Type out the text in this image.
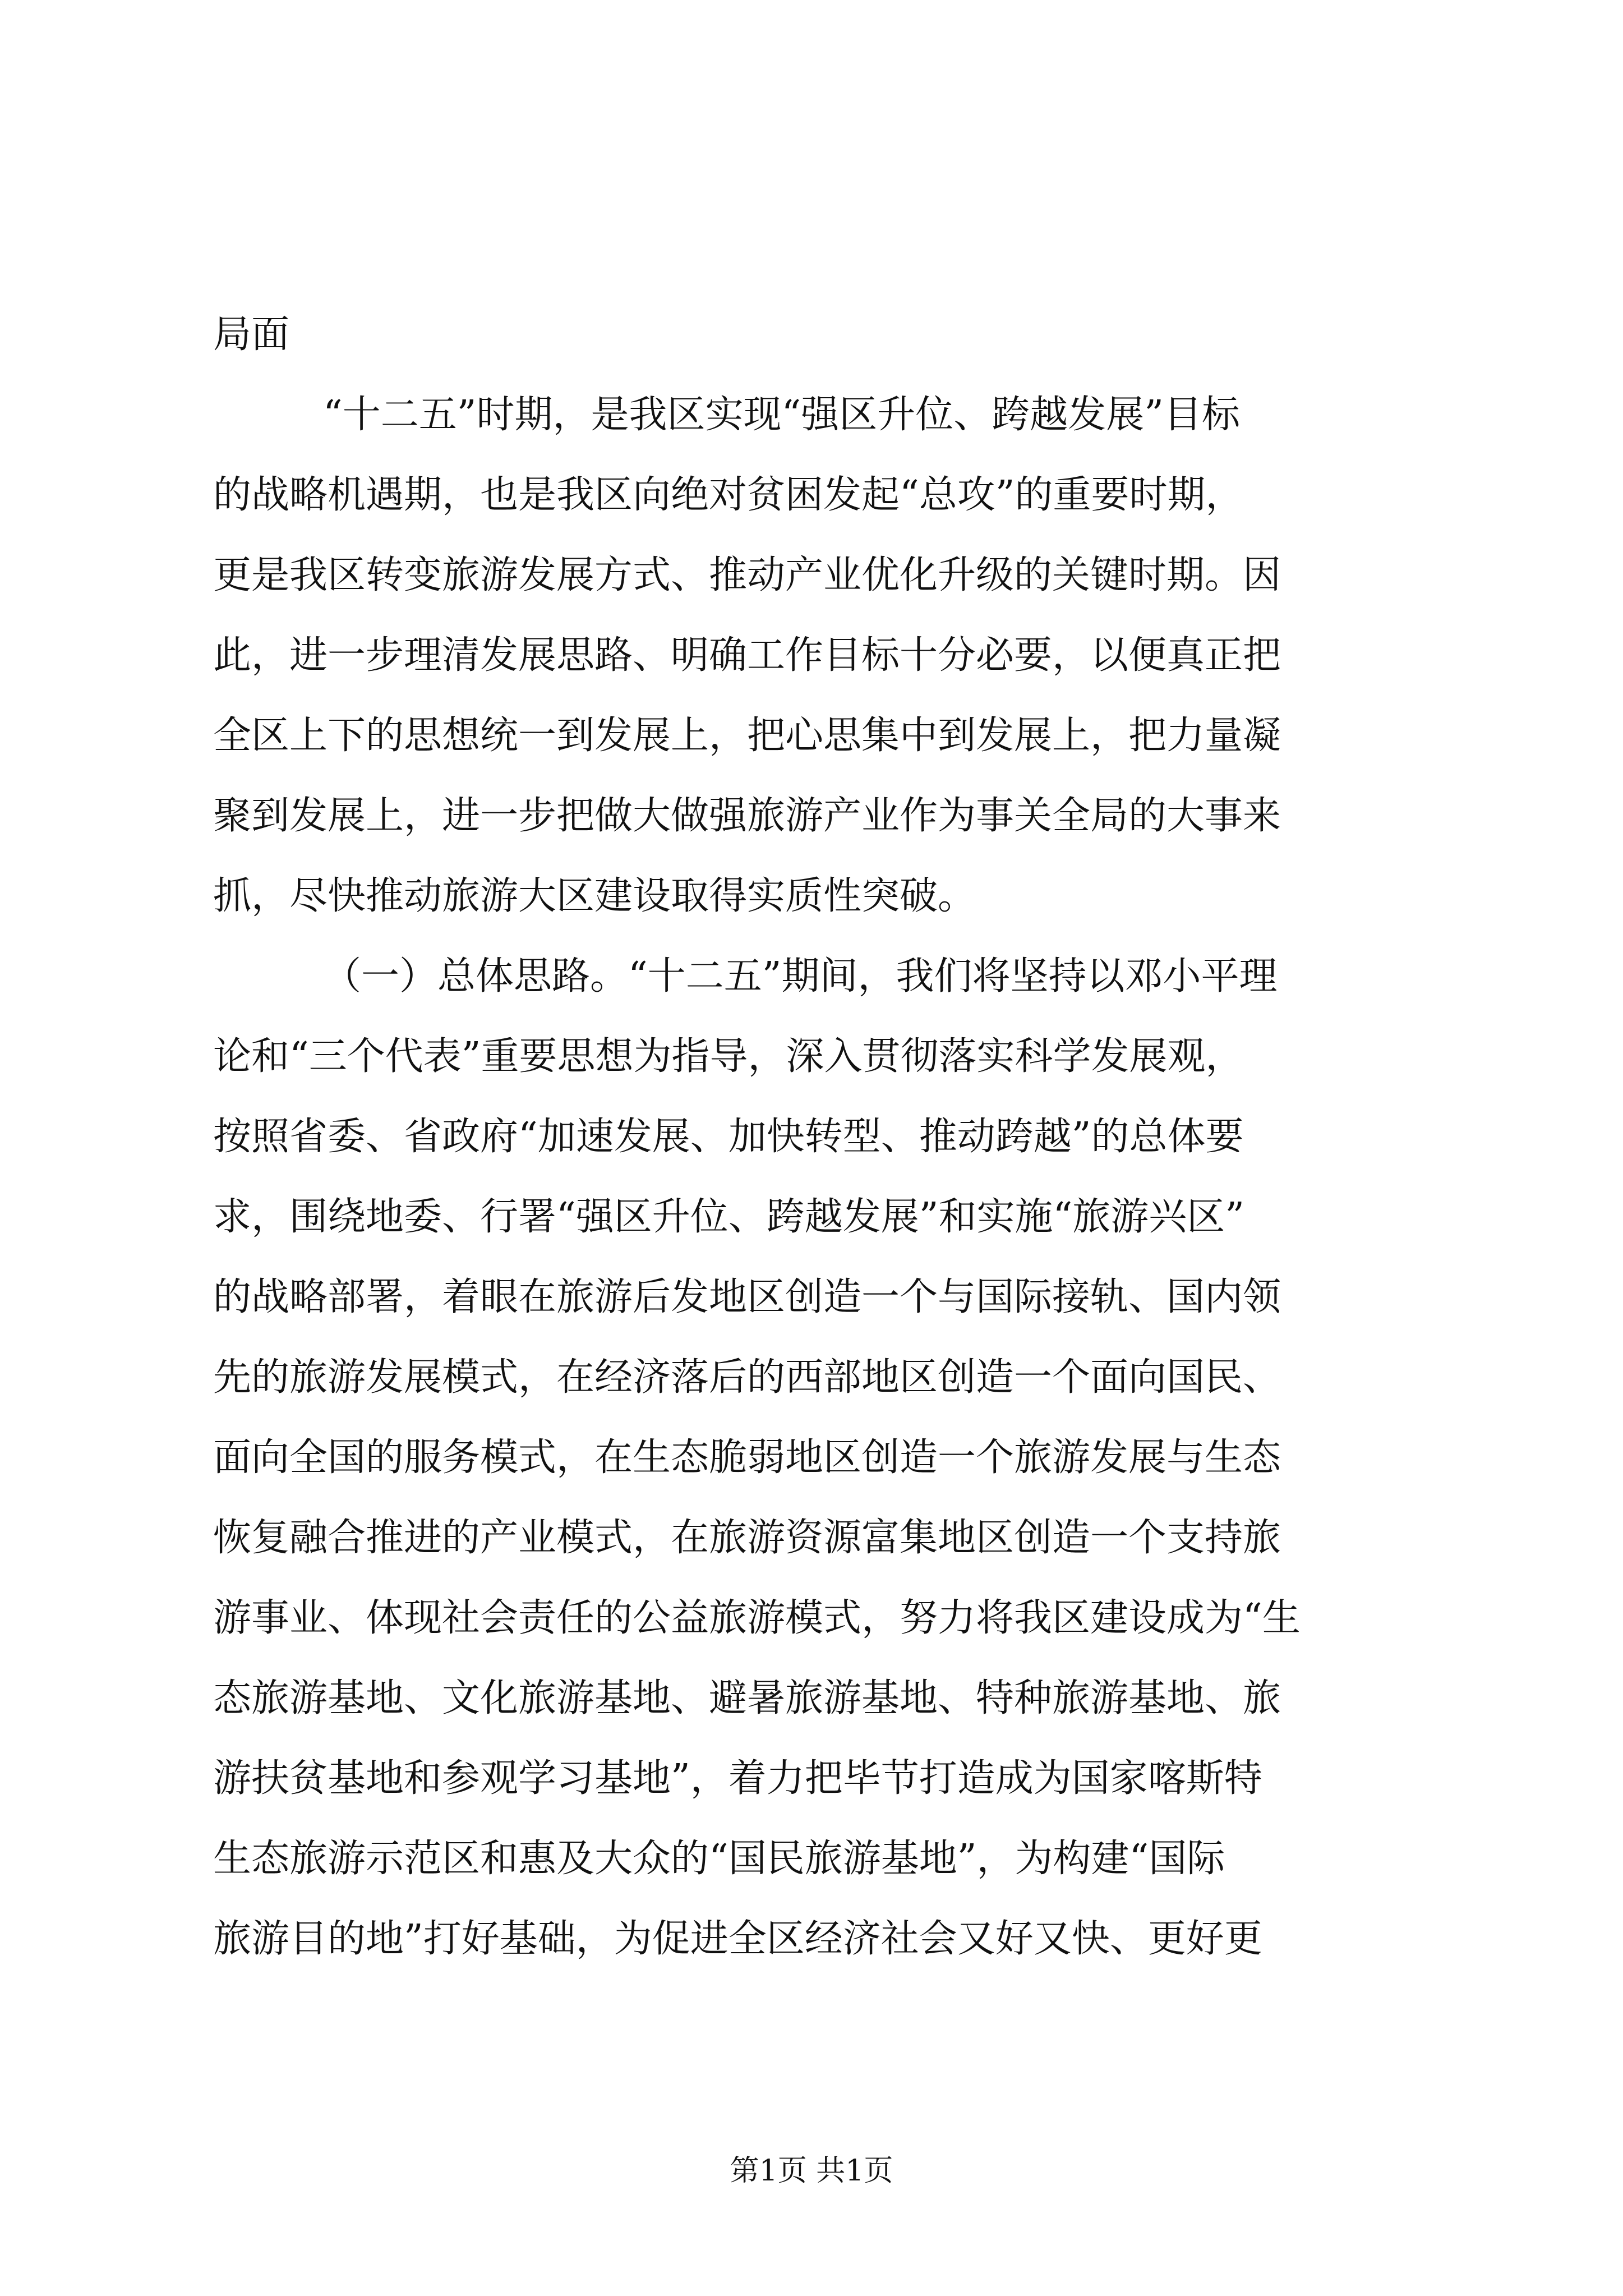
局面
“十二五”时期，是我区实现“强区升位、跨越发展”目标
的战略机遇期，也是我区向绝对贫困发起“总攻”的重要时期，
更是我区转变旅游发展方式、推动产业优化升级的关键时期。因
此，进一步理清发展思路、明确工作目标十分必要，以便真正把
全区上下的思想统一到发展上，把心思集中到发展上，把力量凝
聚到发展上，进一步把做大做强旅游产业作为事关全局的大事来
抓，尽快推动旅游大区建设取得实质性突破。
（一）总体思路。“十二五”期间，我们将坚持以邓小平理
论和“三个代表”重要思想为指导，深入贯彻落实科学发展观，
按照省委、省政府“加速发展、加快转型、推动跨越”的总体要
求，围绕地委、行署“强区升位、跨越发展”和实施“旅游兴区”
的战略部署，着眼在旅游后发地区创造一个与国际接轨、国内领
先的旅游发展模式，在经济落后的西部地区创造一个面向国民、
面向全国的服务模式，在生态脆弱地区创造一个旅游发展与生态
恢复融合推进的产业模式，在旅游资源富集地区创造一个支持旅
游事业、体现社会责任的公益旅游模式，努力将我区建设成为“生
态旅游基地、文化旅游基地、避暑旅游基地、特种旅游基地、旅
游扶贫基地和参观学习基地”，着力把毕节打造成为国家喀斯特
生态旅游示范区和惠及大众的“国民旅游基地”，为构建“国际
旅游目的地”打好基础，为促进全区经济社会又好又快、更好更
第1页 共1页
